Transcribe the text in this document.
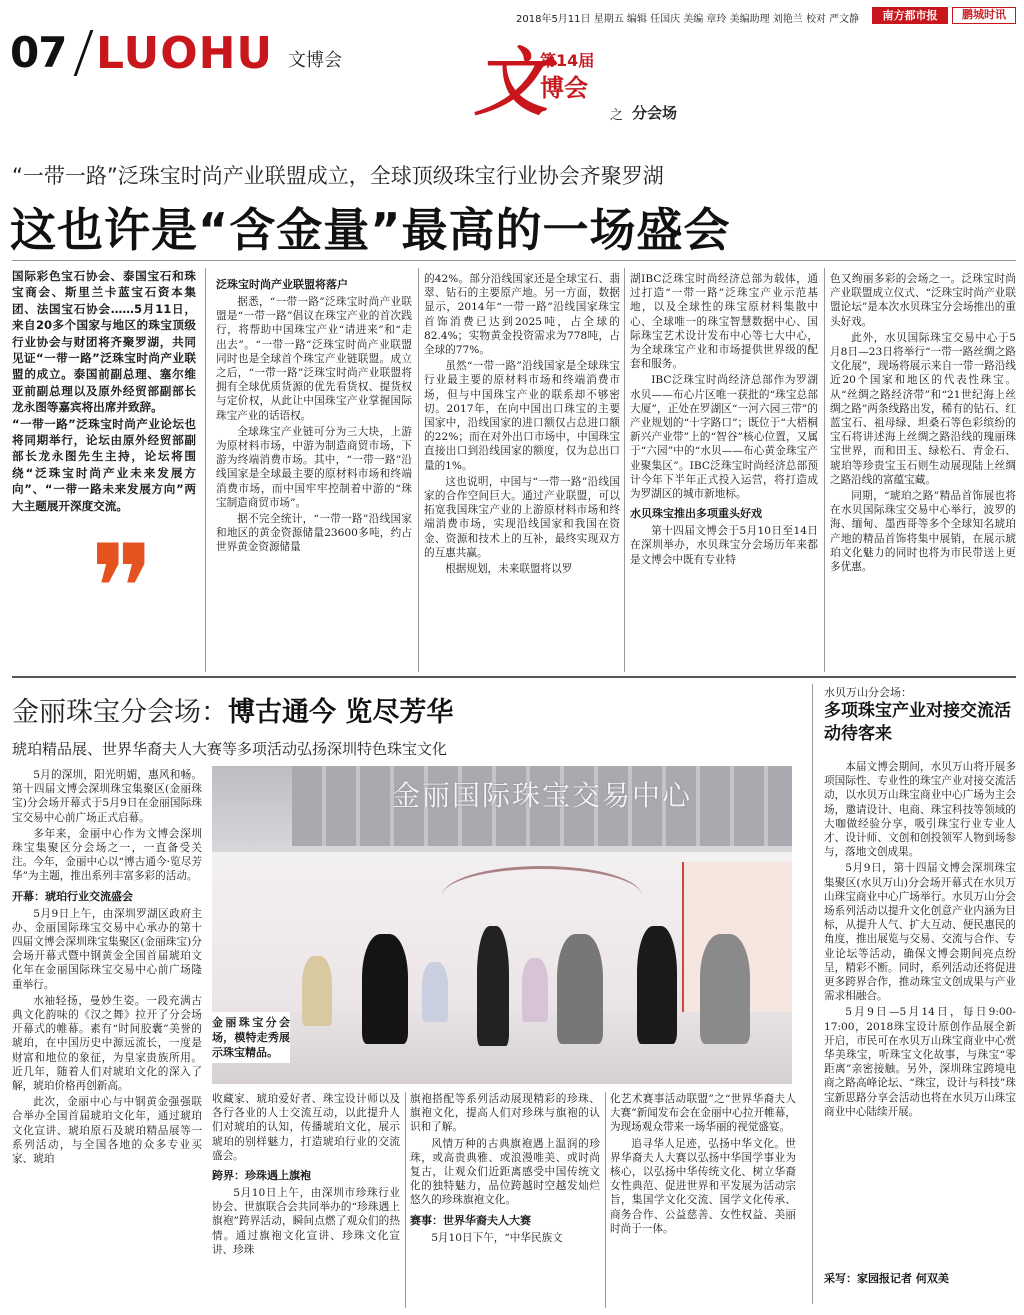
2018年5月11日 星期五 编辑 任国庆 美编 章玲 美编助理 刘艳兰 校对 严文静	南方都市报	鹏城时讯
07 LUOHU 文博会 文
第14届
博会
之 分会场
“一带一路”泛珠宝时尚产业联盟成立，全球顶级珠宝行业协会齐聚罗湖
这也许是“含金量”最高的一场盛会
国际彩色宝石协会、泰国宝石和珠宝商会、斯里兰卡蓝宝石资本集团、法国宝石协会……5月11日，来自20多个国家与地区的珠宝顶级行业协会与财团将齐聚罗湖，共同见证“一带一路”泛珠宝时尚产业联盟的成立。泰国前副总理、塞尔维亚前副总理以及原外经贸部副部长龙永图等嘉宾将出席并致辞。
“一带一路”泛珠宝时尚产业论坛也将同期举行，论坛由原外经贸部副部长龙永图先生主持，论坛将围绕“泛珠宝时尚产业未来发展方向”、“一带一路未来发展方向”两大主题展开深度交流。
❞
泛珠宝时尚产业联盟将落户

据悉，“一带一路”泛珠宝时尚产业联盟是“一带一路”倡议在珠宝产业的首次践行，将帮助中国珠宝产业“请进来”和“走出去”。“一带一路”泛珠宝时尚产业联盟同时也是全球首个珠宝产业链联盟。成立之后，“一带一路”泛珠宝时尚产业联盟将拥有全球优质货源的优先看货权、提货权与定价权，从此让中国珠宝产业掌握国际珠宝产业的话语权。

全球珠宝产业链可分为三大块，上游为原材料市场，中游为制造商贸市场，下游为终端消费市场。其中，“一带一路”沿线国家是全球最主要的原材料市场和终端消费市场，而中国牢牢控制着中游的“珠宝制造商贸市场”。

据不完全统计，“一带一路”沿线国家和地区的黄金资源储量23600多吨，约占世界黄金资源储量

的42%。部分沿线国家还是全球宝石、翡翠、钻石的主要原产地。另一方面，数据显示，2014年“一带一路”沿线国家珠宝首饰消费已达到2025吨，占全球的82.4%；实物黄金投资需求为778吨，占全球的77%。

虽然“一带一路”沿线国家是全球珠宝行业最主要的原材料市场和终端消费市场，但与中国珠宝产业的联系却不够密切。2017年，在向中国出口珠宝的主要国家中，沿线国家的进口额仅占总进口额的22%；而在对外出口市场中，中国珠宝直接出口到沿线国家的额度，仅为总出口量的1%。

这也说明，中国与“一带一路”沿线国家的合作空间巨大。通过产业联盟，可以拓宽我国珠宝产业的上游原材料市场和终端消费市场，实现沿线国家和我国在资金、资源和技术上的互补，最终实现双方的互惠共赢。

根据规划，未来联盟将以罗

湖IBC泛珠宝时尚经济总部为载体，通过打造“一带一路”泛珠宝产业示范基地，以及全球性的珠宝原材料集散中心、全球唯一的珠宝智慧数据中心、国际珠宝艺术设计发布中心等七大中心，为全球珠宝产业和市场提供世界级的配套和服务。

IBC泛珠宝时尚经济总部作为罗湖水贝——布心片区唯一获批的“珠宝总部大厦”，正处在罗湖区“一河六园三带”的产业规划的“十字路口”；既位于“大梧桐新兴产业带”上的“智谷”核心位置，又属于“六园”中的“水贝——布心黄金珠宝产业聚集区”。IBC泛珠宝时尚经济总部预计今年下半年正式投入运营，将打造成为罗湖区的城市新地标。

水贝珠宝推出多项重头好戏

第十四届文博会于5月10日至14日在深圳举办，水贝珠宝分会场历年来都是文博会中既有专业特

色又绚丽多彩的会场之一。泛珠宝时尚产业联盟成立仪式、“泛珠宝时尚产业联盟论坛”是本次水贝珠宝分会场推出的重头好戏。

此外，水贝国际珠宝交易中心于5月8日—23日将举行“一带一路丝绸之路文化展”，现场将展示来自一带一路沿线近20个国家和地区的代表性珠宝。从“丝绸之路经济带”和“21世纪海上丝绸之路”两条线路出发，稀有的钻石、红蓝宝石、祖母绿、坦桑石等色彩缤纷的宝石将讲述海上丝绸之路沿线的瑰丽珠宝世界，而和田玉、绿松石、青金石、琥珀等珍贵宝玉石则生动展现陆上丝绸之路沿线的富蕴宝藏。

同期，“琥珀之路”精品首饰展也将在水贝国际珠宝交易中心举行，波罗的海、缅甸、墨西哥等多个全球知名琥珀产地的精品首饰将集中展销，在展示琥珀文化魅力的同时也将为市民带送上更多优惠。

金丽珠宝分会场：博古通今 览尽芳华
琥珀精品展、世界华裔夫人大赛等多项活动弘扬深圳特色珠宝文化

5月的深圳，阳光明媚，惠风和畅。第十四届文博会深圳珠宝集聚区(金丽珠宝)分会场开幕式于5月9日在金丽国际珠宝交易中心前广场正式启幕。

多年来，金丽中心作为文博会深圳珠宝集聚区分会场之一，一直备受关注。今年，金丽中心以“博古通今·览尽芳华”为主题，推出系列丰富多彩的活动。

开幕：琥珀行业交流盛会

5月9日上午，由深圳罗湖区政府主办、金丽国际珠宝交易中心承办的第十四届文博会深圳珠宝集聚区(金丽珠宝)分会场开幕式暨中钢黄金全国首届琥珀文化年在金丽国际珠宝交易中心前广场隆重举行。

水袖轻扬，曼妙生姿。一段充满古典文化韵味的《汉之舞》拉开了分会场开幕式的帷幕。素有“时间胶囊”美誉的琥珀，在中国历史中源远流长，一度是财富和地位的象征，为皇家贵族所用。近几年，随着人们对琥珀文化的深入了解，琥珀价格再创新高。

此次，金丽中心与中钢黄金强强联合举办全国首届琥珀文化年，通过琥珀文化宣讲、琥珀原石及琥珀精品展等一系列活动，与全国各地的众多专业买家、琥珀

金丽国际珠宝交易中心
金丽珠宝分会场，模特走秀展示珠宝精品。

收藏家、琥珀爱好者、珠宝设计师以及各行各业的人士交流互动，以此提升人们对琥珀的认知，传播琥珀文化，展示琥珀的别样魅力，打造琥珀行业的交流盛会。

跨界：珍珠遇上旗袍

5月10日上午，由深圳市珍珠行业协会、世旗联合会共同举办的“珍珠遇上旗袍”跨界活动，瞬间点燃了观众们的热情。通过旗袍文化宣讲、珍珠文化宣讲、珍珠

旗袍搭配等系列活动展现精彩的珍珠、旗袍文化，提高人们对珍珠与旗袍的认识和了解。

风情万种的古典旗袍遇上温润的珍珠，或高贵典雅、或浪漫唯美、或时尚复古，让观众们近距离感受中国传统文化的独特魅力，品位跨越时空越发灿烂悠久的珍珠旗袍文化。

赛事：世界华裔夫人大赛

5月10日下午，“中华民族文

化艺术赛事活动联盟”之“世界华裔夫人大赛”新闻发布会在金丽中心拉开帷幕，为现场观众带来一场华丽的视觉盛宴。

追寻华人足迹，弘扬中华文化。世界华裔夫人大赛以弘扬中华国学事业为核心，以弘扬中华传统文化、树立华裔女性典范、促进世界和平发展为活动宗旨，集国学文化交流、国学文化传承、商务合作、公益慈善、女性权益、美丽时尚于一体。

水贝万山分会场：
多项珠宝产业对接交流活动待客来

本届文博会期间，水贝万山将开展多项国际性、专业性的珠宝产业对接交流活动，以水贝万山珠宝商业中心广场为主会场，邀请设计、电商、珠宝科技等领域的大咖做经验分享，吸引珠宝行业专业人才、设计师、文创和创投领军人物到场参与，落地文创成果。

5月9日，第十四届文博会深圳珠宝集聚区(水贝万山)分会场开幕式在水贝万山珠宝商业中心广场举行。水贝万山分会场系列活动以提升文化创意产业内涵为目标，从提升人气、扩大互动、便民惠民的角度，推出展览与交易、交流与合作、专业论坛等活动，确保文博会期间亮点纷呈，精彩不断。同时，系列活动还将促进更多跨界合作，推动珠宝文创成果与产业需求相融合。

5月9日—5月14日，每日9:00-17:00，2018珠宝设计原创作品展全新开启，市民可在水贝万山珠宝商业中心赏华美珠宝，听珠宝文化故事，与珠宝“零距离”亲密接触。另外，深圳珠宝跨境电商之路高峰论坛、“珠宝，设计与科技”珠宝新思路分享会活动也将在水贝万山珠宝商业中心陆续开展。

采写：家园报记者 何双美
